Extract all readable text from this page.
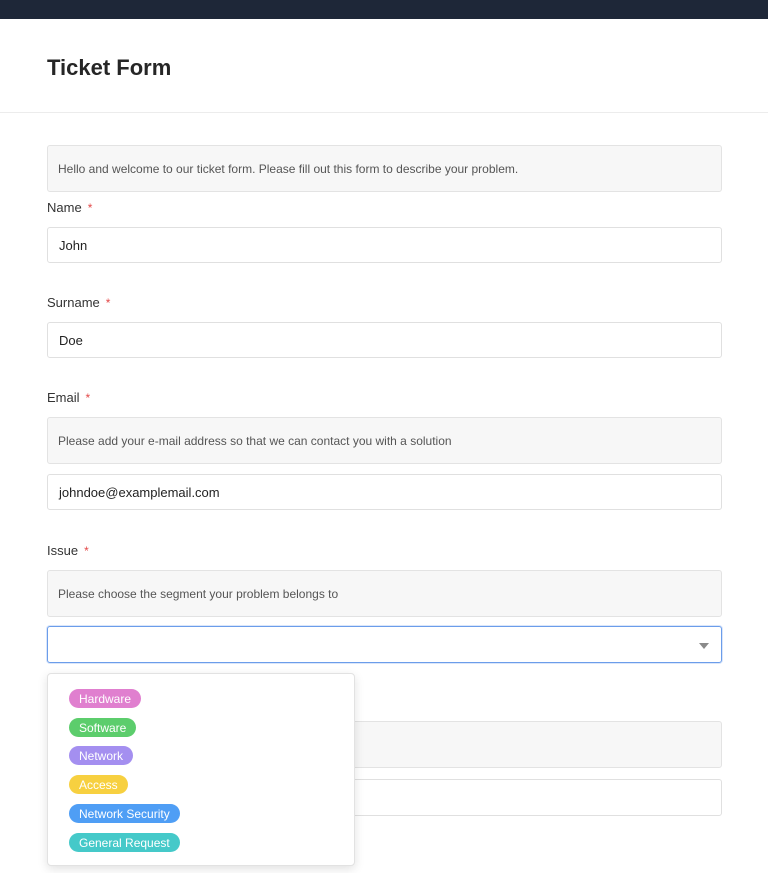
Ticket Form
Hello and welcome to our ticket form. Please fill out this form to describe your problem.
Name *
John
Surname *
Doe
Email *
Please add your e-mail address so that we can contact you with a solution
johndoe@examplemail.com
Issue *
Please choose the segment your problem belongs to
Hardware
Software
Network
Access
Network Security
General Request
